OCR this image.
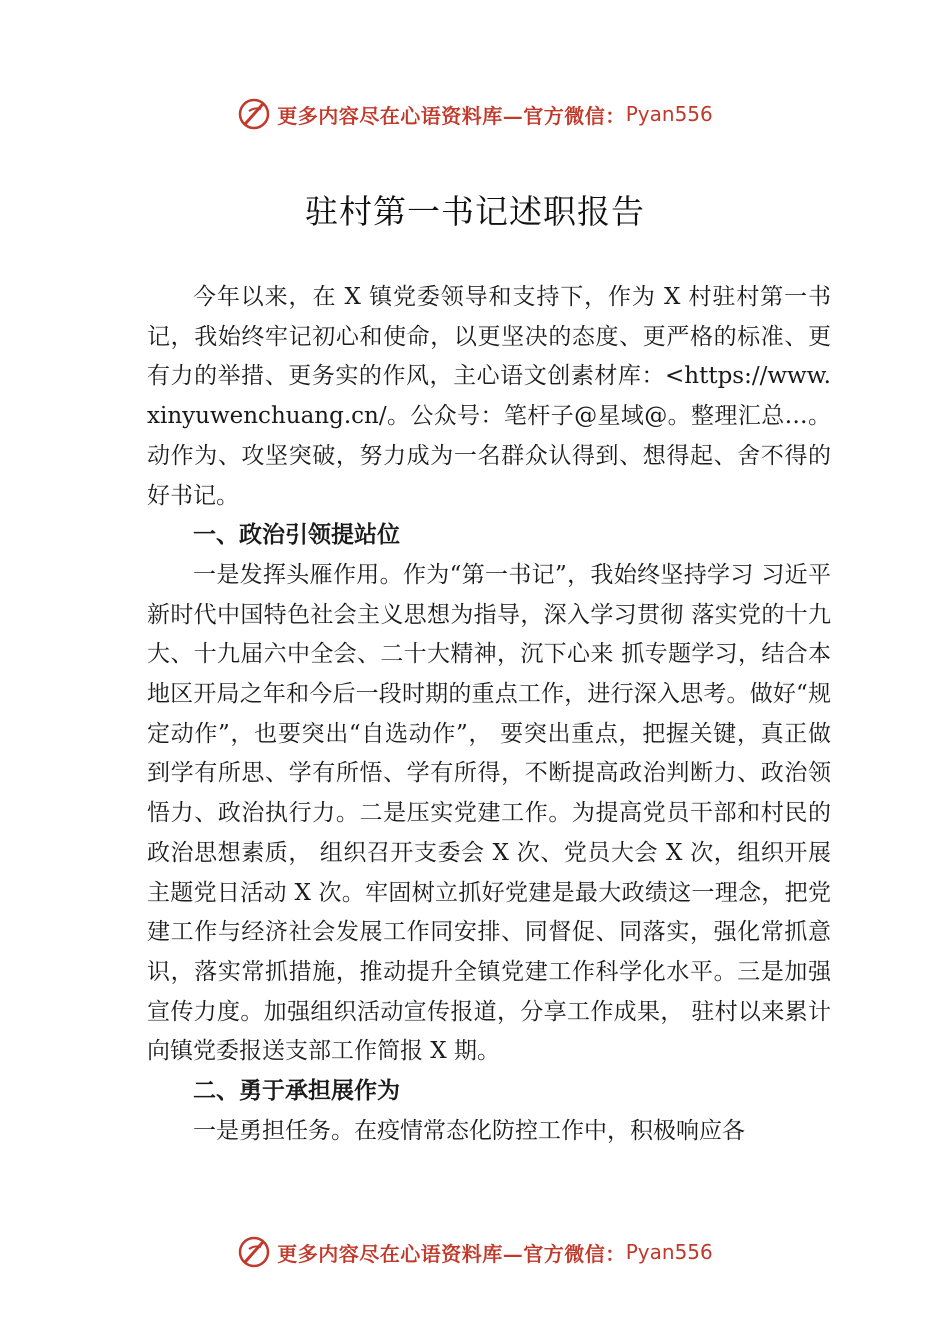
更多内容尽在心语资料库—官方微信： Pyan556
驻村第一书记述职报告

今年以来，在 X 镇党委领导和支持下，作为 X 村驻村第一书记，我始终牢记初心和使命，以更坚决的态度、更严格的标准、更有力的举措、更务实的作风，主心语文创素材库：<https://www.xinyuwenchuang.cn/。公众号：笔杆子@星域@。整理汇总…。动作为、攻坚突破，努力成为一名群众认得到、想得起、舍不得的好书记。

一、政治引领提站位

一是发挥头雁作用。作为“第一书记”，我始终坚持学习 习近平新时代中国特色社会主义思想为指导，深入学习贯彻 落实党的十九大、十九届六中全会、二十大精神，沉下心来 抓专题学习，结合本地区开局之年和今后一段时期的重点工作，进行深入思考。做好“规定动作”，也要突出“自选动作”， 要突出重点，把握关键，真正做到学有所思、学有所悟、学有所得，不断提高政治判断力、政治领悟力、政治执行力。二是压实党建工作。为提高党员干部和村民的政治思想素质， 组织召开支委会 X 次、党员大会 X 次，组织开展主题党日活动 X 次。牢固树立抓好党建是最大政绩这一理念，把党建工作与经济社会发展工作同安排、同督促、同落实，强化常抓意识，落实常抓措施，推动提升全镇党建工作科学化水平。三是加强宣传力度。加强组织活动宣传报道，分享工作成果， 驻村以来累计向镇党委报送支部工作简报 X 期。

二、勇于承担展作为

一是勇担任务。在疫情常态化防控工作中，积极响应各

更多内容尽在心语资料库—官方微信： Pyan556
